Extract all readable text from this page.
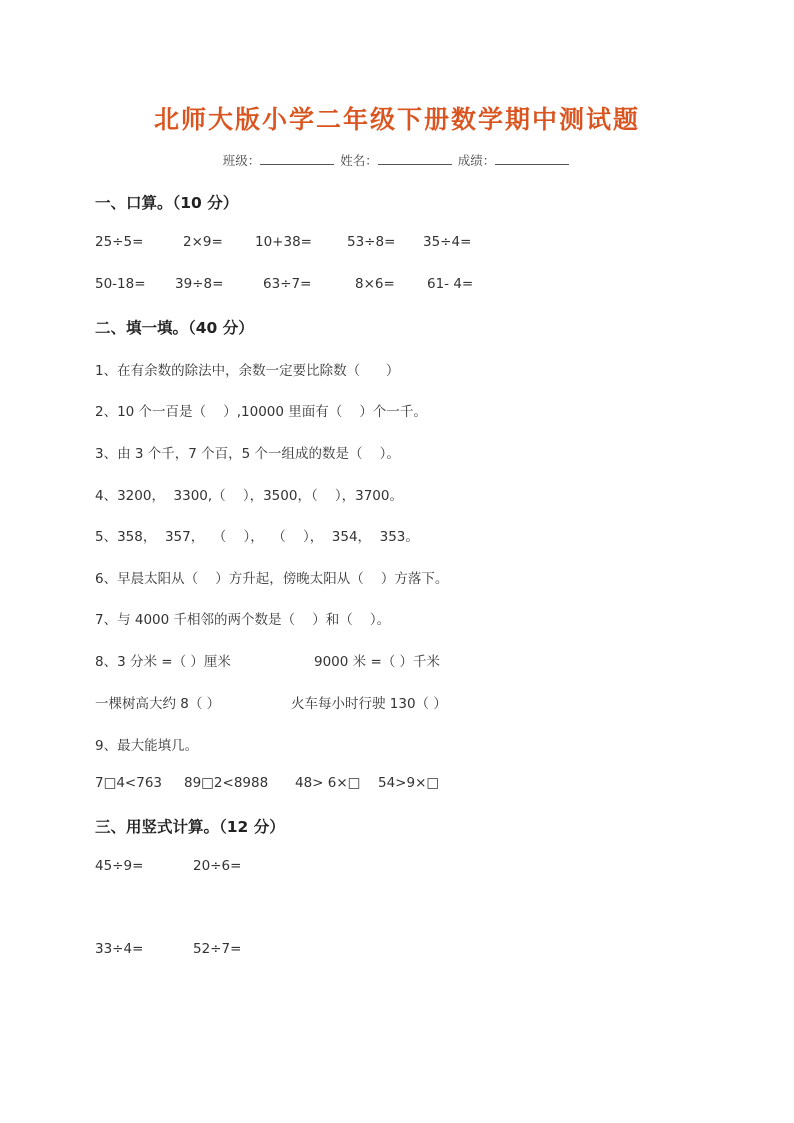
北师大版小学二年级下册数学期中测试题
班级：	姓名：	成绩：
一、口算。（10 分）
25÷5=	2×9= 10+38=	53÷8= 35÷4=
50-18= 39÷8=	63÷7=	8×6= 61- 4=
二、填一填。（40 分）
1、在有余数的除法中，余数一定要比除数（      ）
2、10 个一百是（    ）,10000 里面有（    ）个一千。
3、由 3 个千，7 个百，5 个一组成的数是（    ）。
4、3200，  3300,（    ），3500，（    ），3700。
5、358，  357，  （    ），  （    ），  354，  353。
6、早晨太阳从（    ）方升起，傍晚太阳从（    ）方落下。
7、与 4000 千相邻的两个数是（    ）和（    ）。
8、3 分米 =（ ）厘米	9000 米 =（ ）千米
一棵树高大约 8（ ）	火车每小时行驶 130（ ）
9、最大能填几。
7□4<763 89□2<8988 48> 6×□ 54>9×□
三、用竖式计算。（12 分）
45÷9=	20÷6=
33÷4=	52÷7=
